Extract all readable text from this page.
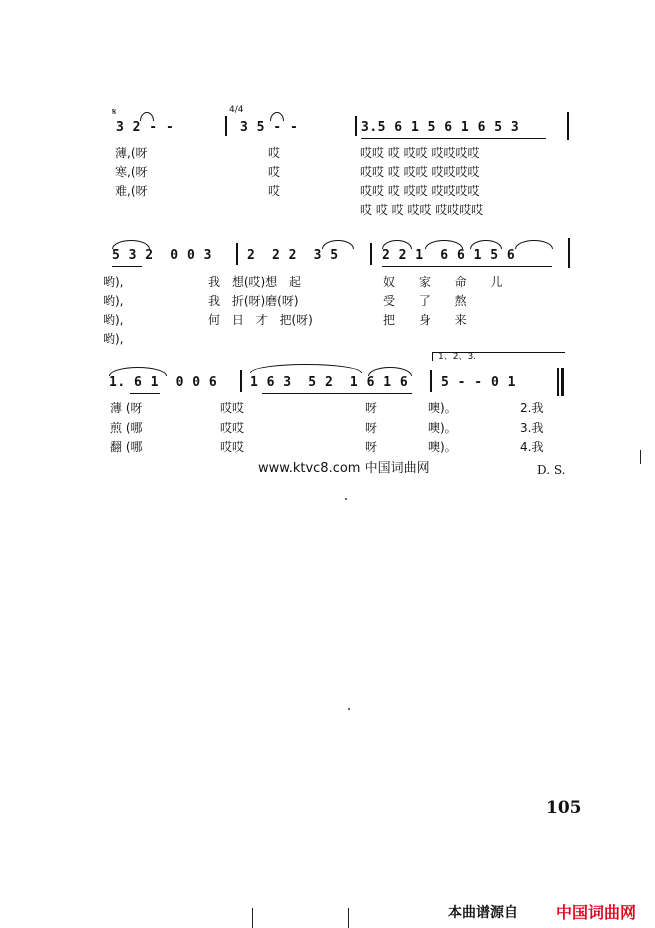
𝄋
3 2 - -
4/4
3 5 - -	3.5 6 1 5 6 1 6 5 3
薄,(呀	哎	哎哎 哎 哎哎 哎哎哎哎
寒,(呀	哎	哎哎 哎 哎哎 哎哎哎哎
难,(呀	哎	哎哎 哎 哎哎 哎哎哎哎
哎 哎 哎 哎哎 哎哎哎哎
5 3 2  0 0 3	2  2 2  3 5	2 2 1  6 6 1 5 6
哟),	我 想(哎)想 起	奴 家 命 儿
哟),	我 折(呀)磨(呀)	受 了 熬
哟),	何 日 才 把(呀)	把 身 来
哟),
1、2、3.
1. 6 1  0 0 6	1 6 3  5 2  1 6 1 6	5 - - 0 1
薄 (呀	哎哎	呀	噢)。	2.我
煎 (哪	哎哎	呀	噢)。	3.我
翻 (哪	哎哎	呀	噢)。	4.我
www.ktvc8.com 中国词曲网	D. S.
105
本曲谱源自 中国词曲网
